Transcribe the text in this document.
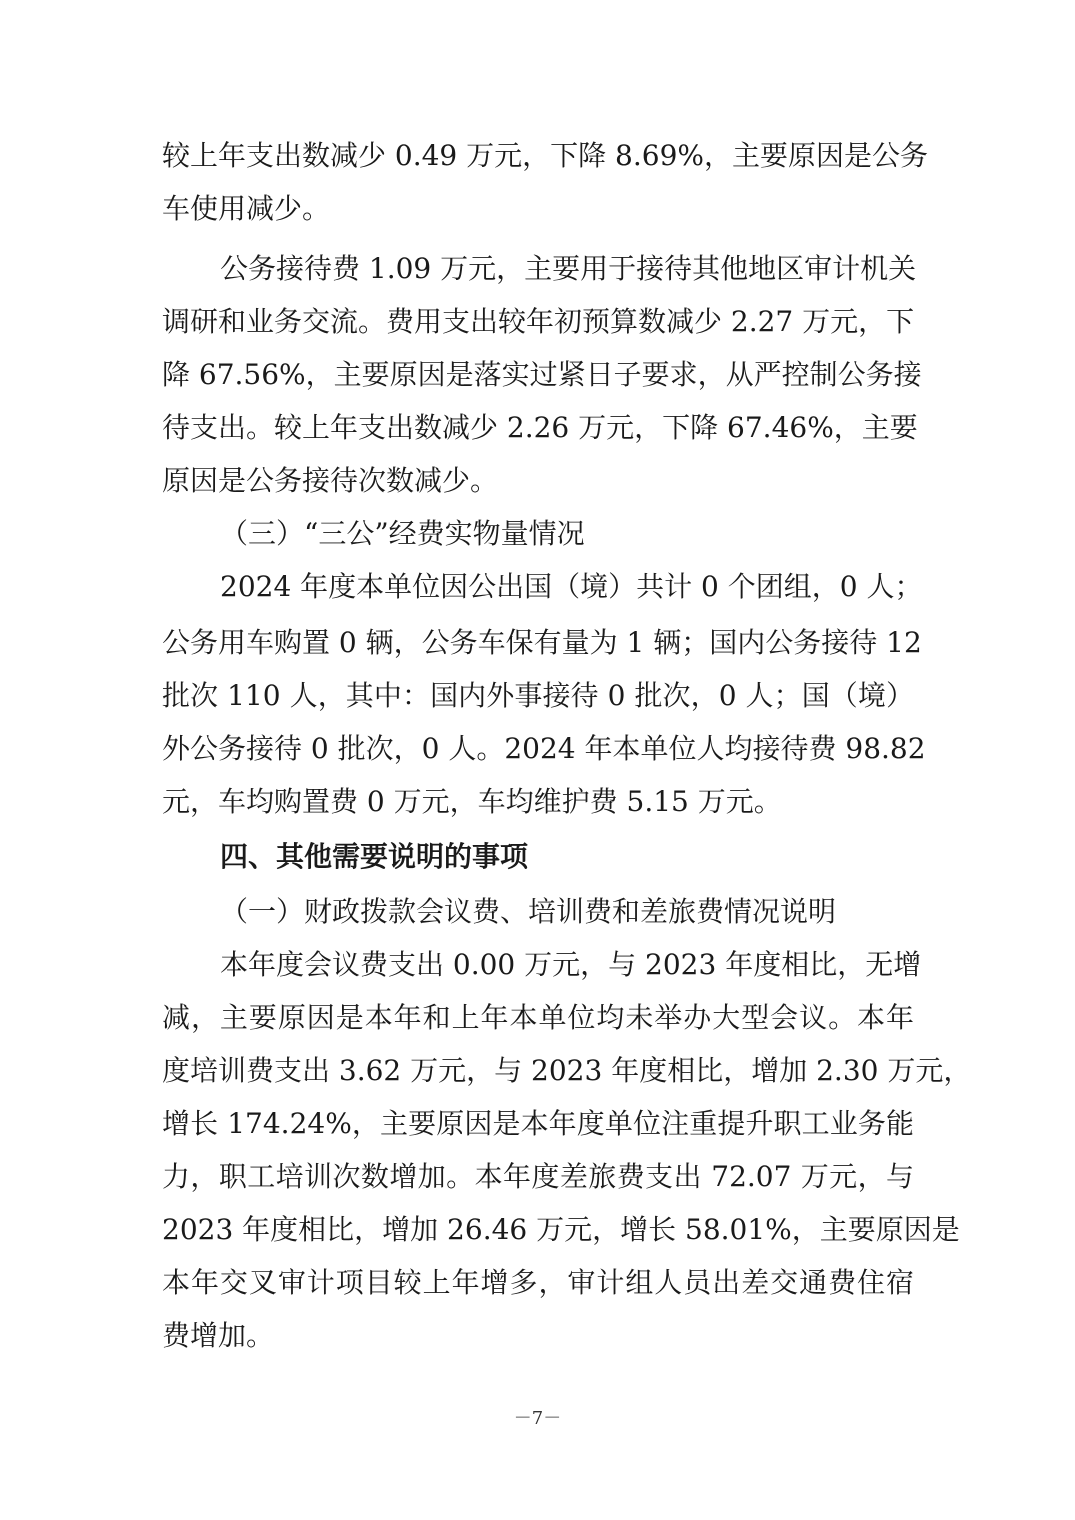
较上年支出数减少 0.49 万元，下降 8.69%，主要原因是公务
车使用减少。
公务接待费 1.09 万元，主要用于接待其他地区审计机关
调研和业务交流。费用支出较年初预算数减少 2.27 万元，下
降 67.56%，主要原因是落实过紧日子要求，从严控制公务接
待支出。较上年支出数减少 2.26 万元，下降 67.46%，主要
原因是公务接待次数减少。
（三）“三公”经费实物量情况
2024 年度本单位因公出国（境）共计 0 个团组，0 人；
公务用车购置 0 辆，公务车保有量为 1 辆；国内公务接待 12
批次 110 人，其中：国内外事接待 0 批次，0 人；国（境）
外公务接待 0 批次，0 人。2024 年本单位人均接待费 98.82
元，车均购置费 0 万元，车均维护费 5.15 万元。
四、其他需要说明的事项
（一）财政拨款会议费、培训费和差旅费情况说明
本年度会议费支出 0.00 万元，与 2023 年度相比，无增
减，主要原因是本年和上年本单位均未举办大型会议。本年
度培训费支出 3.62 万元，与 2023 年度相比，增加 2.30 万元，
增长 174.24%，主要原因是本年度单位注重提升职工业务能
力，职工培训次数增加。本年度差旅费支出 72.07 万元，与
2023 年度相比，增加 26.46 万元，增长 58.01%，主要原因是
本年交叉审计项目较上年增多，审计组人员出差交通费住宿
费增加。
－7－
